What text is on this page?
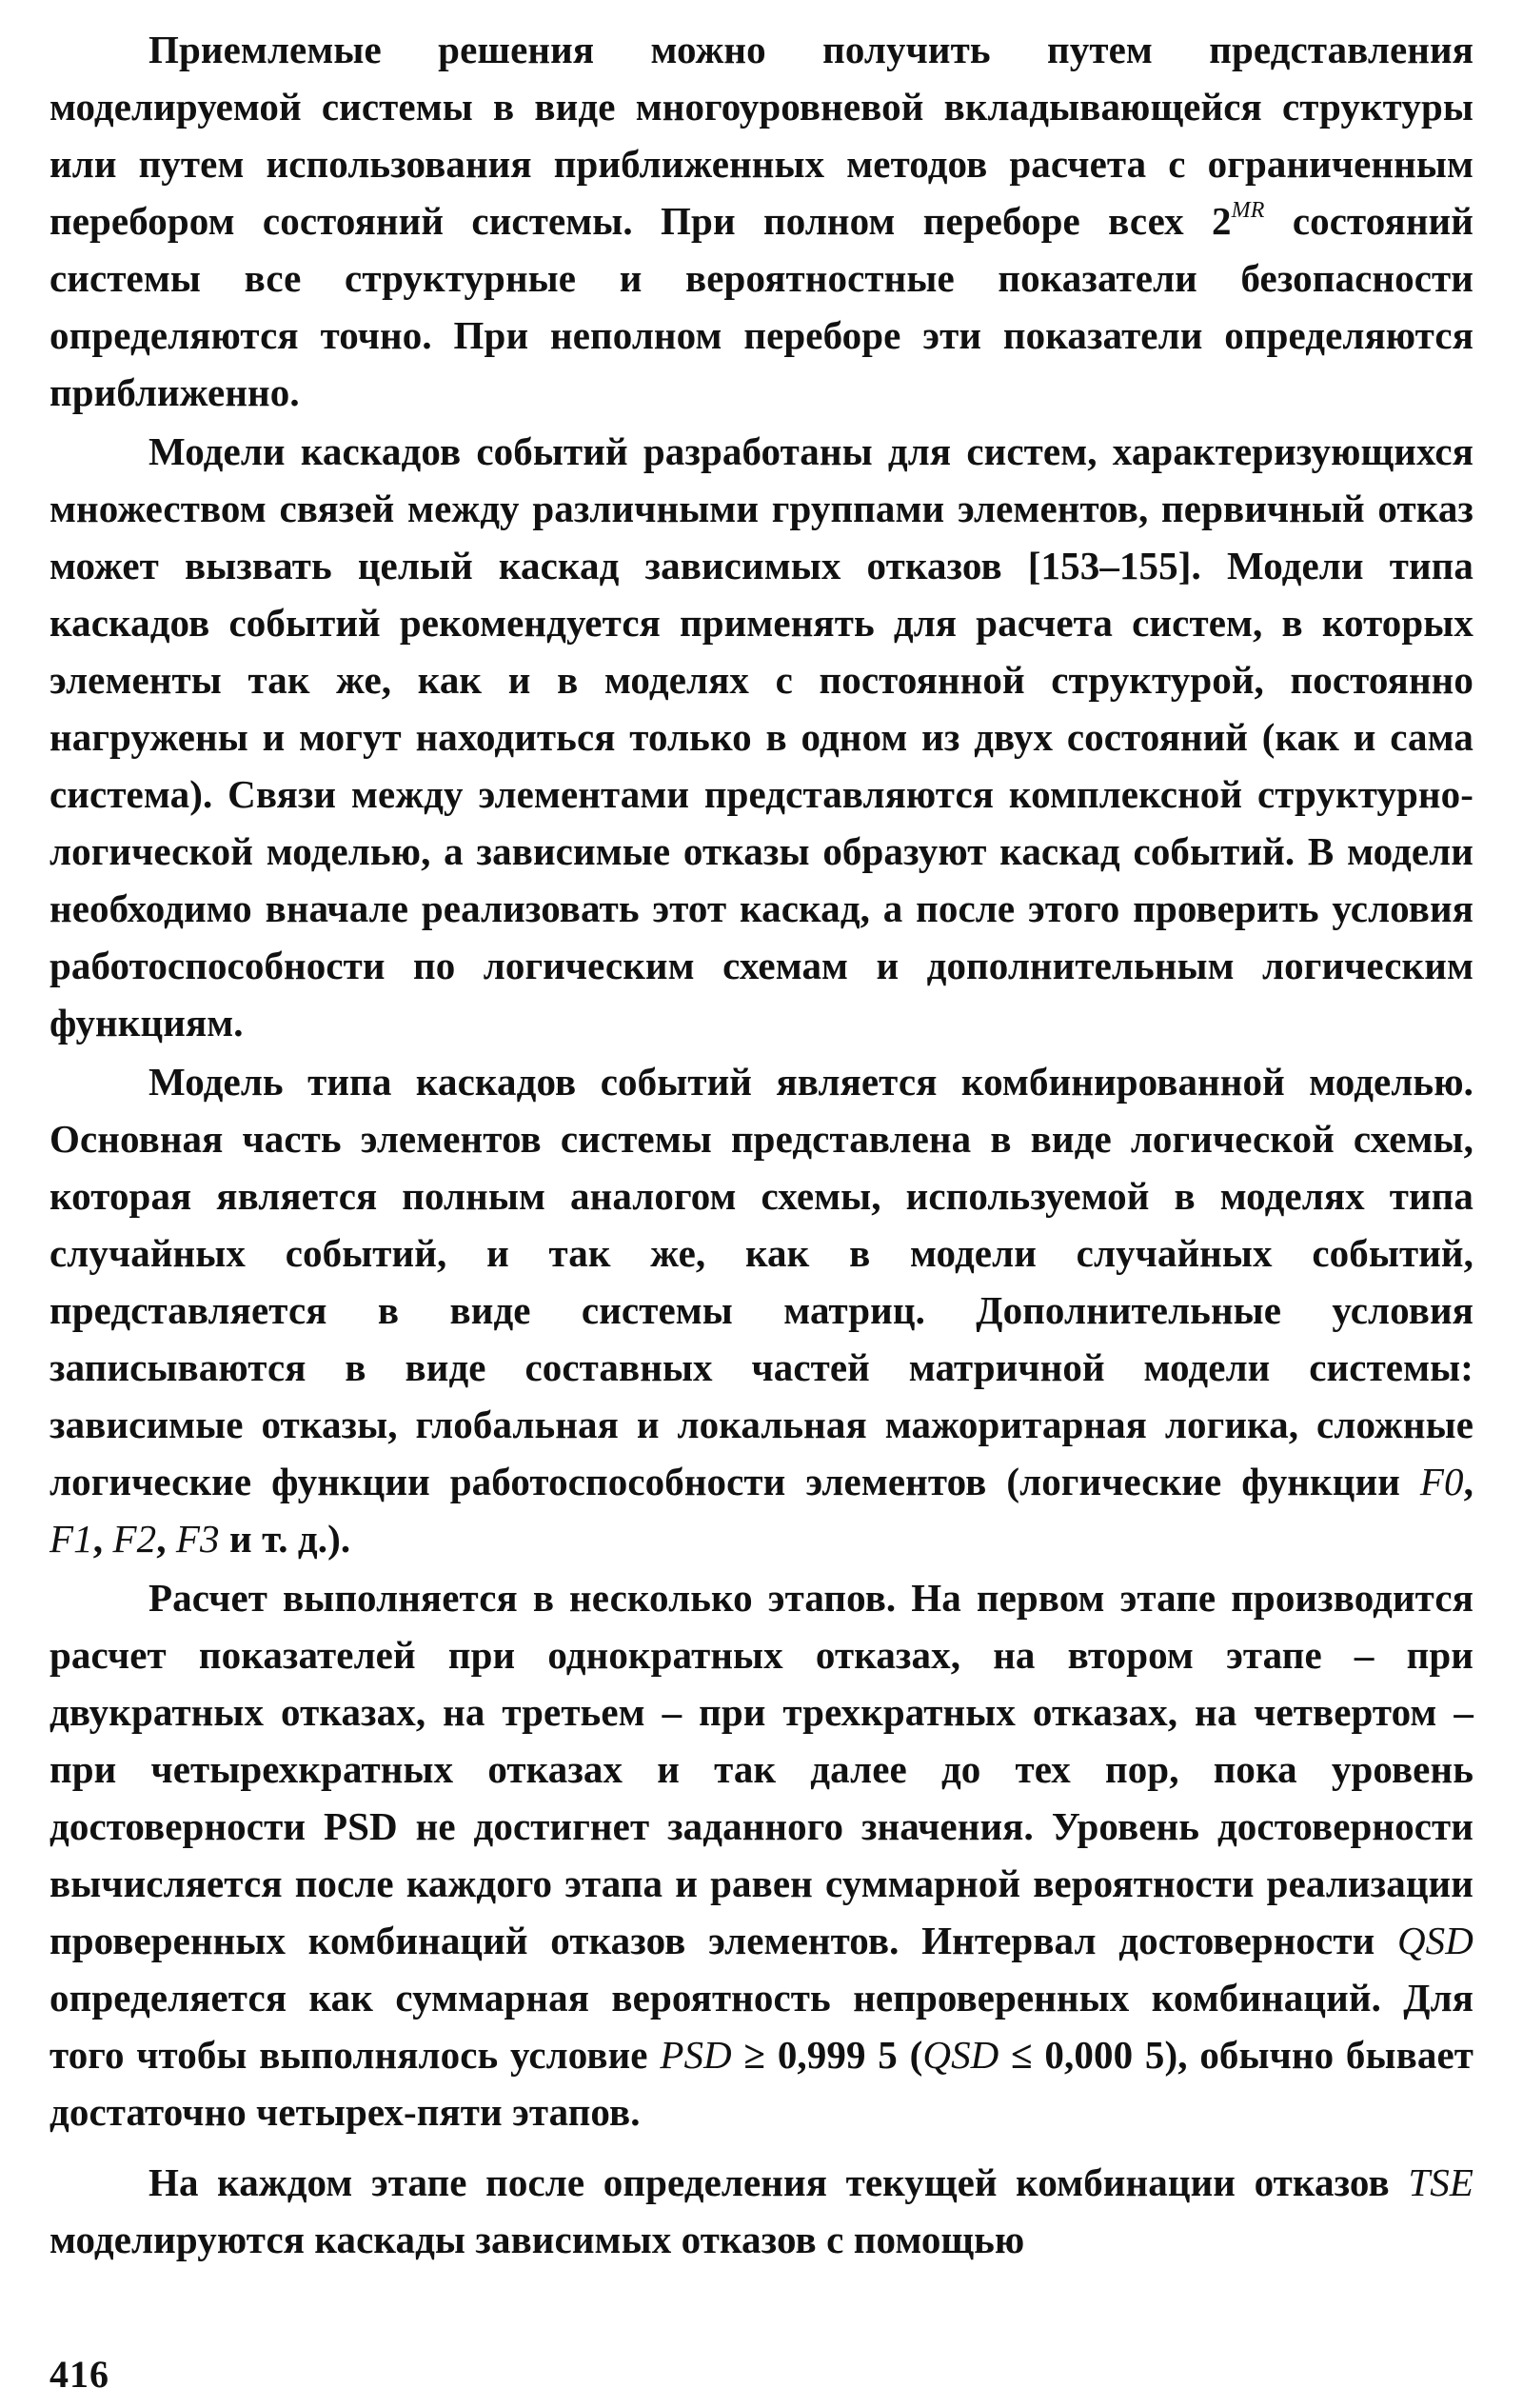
Приемлемые решения можно получить путем представления моделируемой системы в виде многоуровневой вкладывающейся структуры или путем использования приближенных методов расчета с ограниченным перебором состояний системы. При полном переборе всех $2^{MR}$ состояний системы все структурные и вероятностные показатели безопасности определяются точно. При неполном переборе эти показатели определяются приближенно.

Модели каскадов событий разработаны для систем, характеризующихся множеством связей между различными группами элементов, первичный отказ может вызвать целый каскад зависимых отказов [153–155]. Модели типа каскадов событий рекомендуется применять для расчета систем, в которых элементы так же, как и в моделях с постоянной структурой, постоянно нагружены и могут находиться только в одном из двух состояний (как и сама система). Связи между элементами представляются комплексной структурно-логической моделью, а зависимые отказы образуют каскад событий. В модели необходимо вначале реализовать этот каскад, а после этого проверить условия работоспособности по логическим схемам и дополнительным логическим функциям.

Модель типа каскадов событий является комбинированной моделью. Основная часть элементов системы представлена в виде логической схемы, которая является полным аналогом схемы, используемой в моделях типа случайных событий, и так же, как в модели случайных событий, представляется в виде системы матриц. Дополнительные условия записываются в виде составных частей матричной модели системы: зависимые отказы, глобальная и локальная мажоритарная логика, сложные логические функции работоспособности элементов (логические функции F0, F1, F2, F3 и т. д.).

Расчет выполняется в несколько этапов. На первом этапе производится расчет показателей при однократных отказах, на втором этапе – при двукратных отказах, на третьем – при трехкратных отказах, на четвертом – при четырехкратных отказах и так далее до тех пор, пока уровень достоверности PSD не достигнет заданного значения. Уровень достоверности вычисляется после каждого этапа и равен суммарной вероятности реализации проверенных комбинаций отказов элементов. Интервал достоверности QSD определяется как суммарная вероятность непроверенных комбинаций. Для того чтобы выполнялось условие PSD ≥ 0,999 5 (QSD ≤ 0,000 5), обычно бывает достаточно четырех-пяти этапов.

На каждом этапе после определения текущей комбинации отказов TSE моделируются каскады зависимых отказов с помощью

416
